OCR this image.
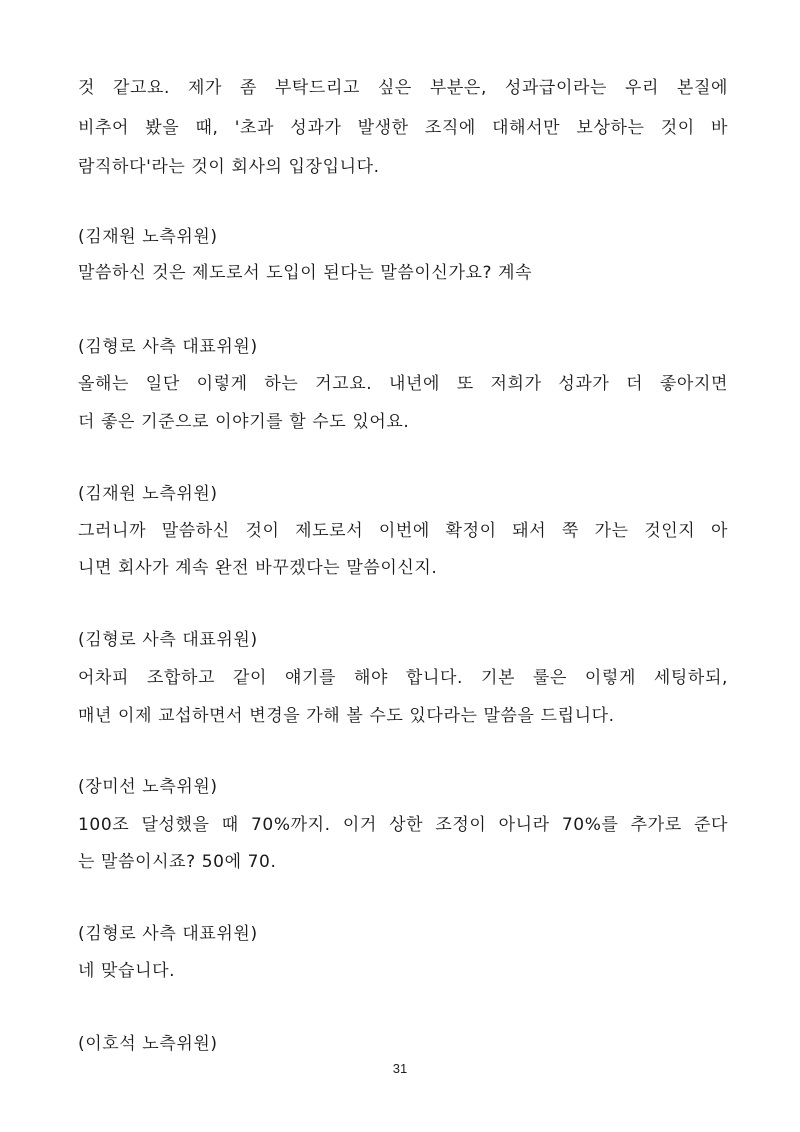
것 같고요. 제가 좀 부탁드리고 싶은 부분은, 성과급이라는 우리 본질에
비추어 봤을 때, '초과 성과가 발생한 조직에 대해서만 보상하는 것이 바
람직하다'라는 것이 회사의 입장입니다.
(김재원 노측위원)
말씀하신 것은 제도로서 도입이 된다는 말씀이신가요? 계속
(김형로 사측 대표위원)
올해는 일단 이렇게 하는 거고요. 내년에 또 저희가 성과가 더 좋아지면
더 좋은 기준으로 이야기를 할 수도 있어요.
(김재원 노측위원)
그러니까 말씀하신 것이 제도로서 이번에 확정이 돼서 쭉 가는 것인지 아
니면 회사가 계속 완전 바꾸겠다는 말씀이신지.
(김형로 사측 대표위원)
어차피 조합하고 같이 얘기를 해야 합니다. 기본 룰은 이렇게 세팅하되,
매년 이제 교섭하면서 변경을 가해 볼 수도 있다라는 말씀을 드립니다.
(장미선 노측위원)
100조 달성했을 때 70%까지. 이거 상한 조정이 아니라 70%를 추가로 준다
는 말씀이시죠? 50에 70.
(김형로 사측 대표위원)
네 맞습니다.
(이호석 노측위원)
31
